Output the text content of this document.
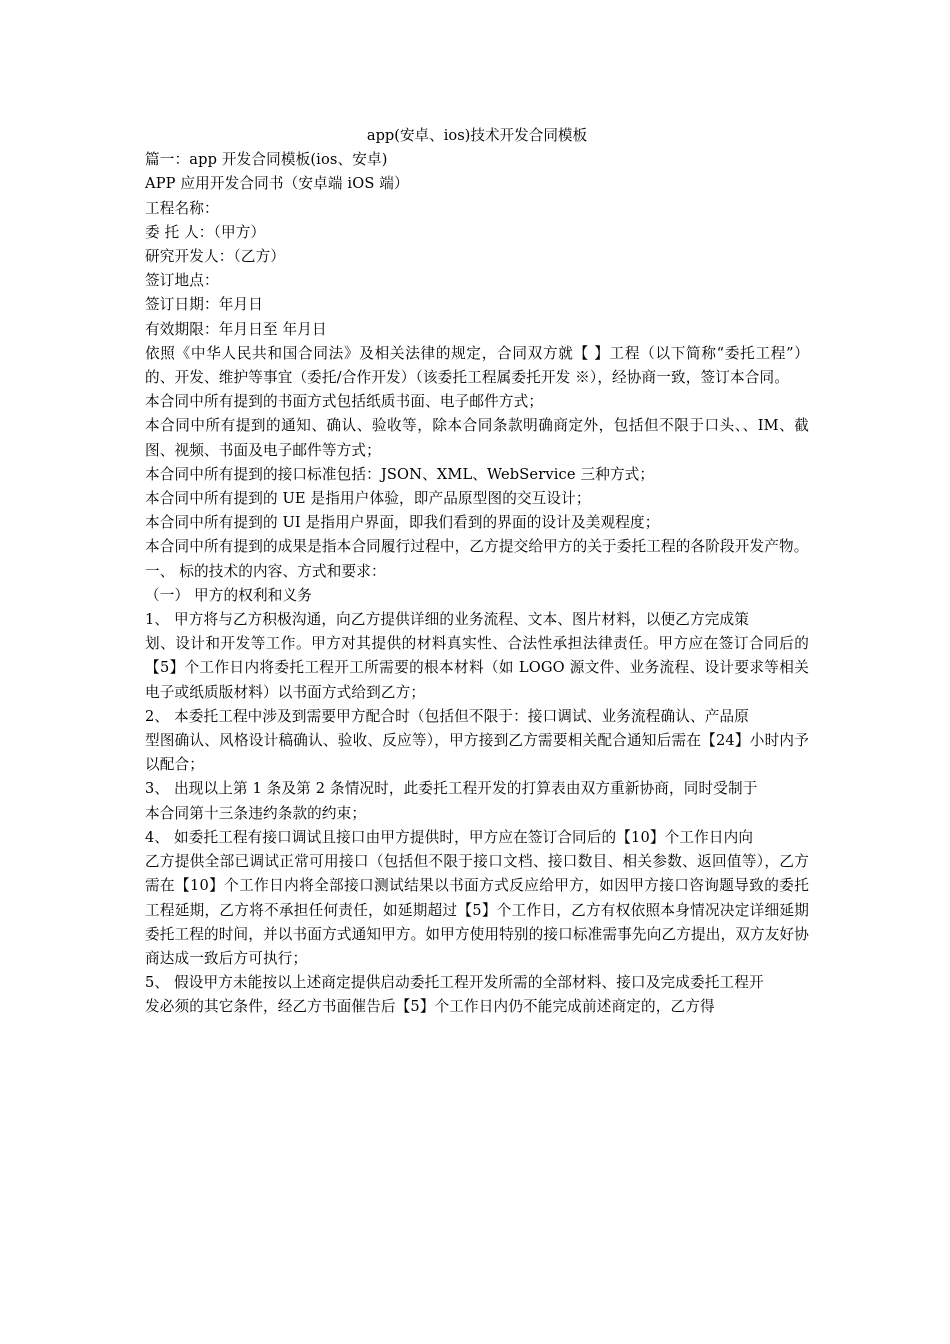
app(安卓、ios)技术开发合同模板

篇一：app 开发合同模板(ios、安卓)

APP 应用开发合同书（安卓端 iOS 端）

工程名称：

委 托 人：（甲方）

研究开发人：（乙方）

签订地点：

签订日期：年月日

有效期限：年月日至 年月日

依照《中华人民共和国合同法》及相关法律的规定，合同双方就【 】工程（以下简称“委托工程”）的、开发、维护等事宜（委托/合作开发）（该委托工程属委托开发 ※），经协商一致，签订本合同。

本合同中所有提到的书面方式包括纸质书面、电子邮件方式；

本合同中所有提到的通知、确认、验收等，除本合同条款明确商定外，包括但不限于口头、、IM、截图、视频、书面及电子邮件等方式；

本合同中所有提到的接口标准包括：JSON、XML、WebService 三种方式；

本合同中所有提到的 UE 是指用户体验，即产品原型图的交互设计；

本合同中所有提到的 UI 是指用户界面，即我们看到的界面的设计及美观程度；

本合同中所有提到的成果是指本合同履行过程中，乙方提交给甲方的关于委托工程的各阶段开发产物。

一、 标的技术的内容、方式和要求：

（一） 甲方的权利和义务

1、 甲方将与乙方积极沟通，向乙方提供详细的业务流程、文本、图片材料，以便乙方完成策

划、设计和开发等工作。甲方对其提供的材料真实性、合法性承担法律责任。甲方应在签订合同后的【5】个工作日内将委托工程开工所需要的根本材料（如 LOGO 源文件、业务流程、设计要求等相关电子或纸质版材料）以书面方式给到乙方；

2、 本委托工程中涉及到需要甲方配合时（包括但不限于：接口调试、业务流程确认、产品原

型图确认、风格设计稿确认、验收、反应等），甲方接到乙方需要相关配合通知后需在【24】小时内予以配合；

3、 出现以上第 1 条及第 2 条情况时，此委托工程开发的打算表由双方重新协商，同时受制于

本合同第十三条违约条款的约束；

4、 如委托工程有接口调试且接口由甲方提供时，甲方应在签订合同后的【10】个工作日内向

乙方提供全部已调试正常可用接口（包括但不限于接口文档、接口数目、相关参数、返回值等），乙方需在【10】个工作日内将全部接口测试结果以书面方式反应给甲方，如因甲方接口咨询题导致的委托工程延期，乙方将不承担任何责任，如延期超过【5】个工作日，乙方有权依照本身情况决定详细延期委托工程的时间，并以书面方式通知甲方。如甲方使用特别的接口标准需事先向乙方提出，双方友好协商达成一致后方可执行；

5、 假设甲方未能按以上述商定提供启动委托工程开发所需的全部材料、接口及完成委托工程开

发必须的其它条件，经乙方书面催告后【5】个工作日内仍不能完成前述商定的，乙方得
